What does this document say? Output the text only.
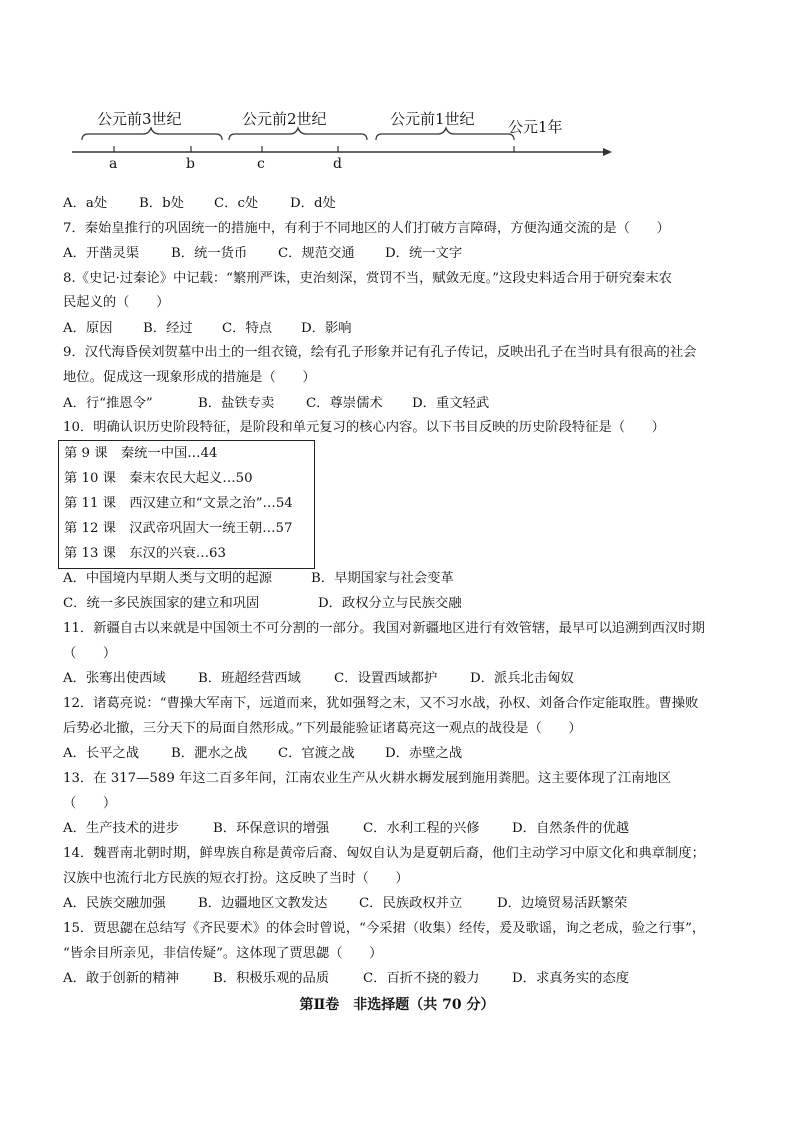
公元前3世纪	公元前2世纪	公元前1世纪 公元1年
a	b	c	d
A．a处 B．b处 C．c处 D．d处
7．秦始皇推行的巩固统一的措施中，有利于不同地区的人们打破方言障碍，方便沟通交流的是（　　）
A．开凿灵渠 B．统一货币 C．规范交通 D．统一文字
8.《史记·过秦论》中记载：“繁刑严诛，吏治刻深，赏罚不当，赋敛无度。”这段史料适合用于研究秦末农
民起义的（　　）
A．原因 B．经过 C．特点 D．影响
9．汉代海昏侯刘贺墓中出土的一组衣镜，绘有孔子形象并记有孔子传记，反映出孔子在当时具有很高的社会
地位。促成这一现象形成的措施是（　　）
A．行“推恩令”	B．盐铁专卖 C．尊崇儒术 D．重文轻武
10．明确认识历史阶段特征，是阶段和单元复习的核心内容。以下书目反映的历史阶段特征是（　　）
第 9 课　秦统一中国…44
第 10 课　秦末农民大起义…50
第 11 课　西汉建立和“文景之治”…54
第 12 课　汉武帝巩固大一统王朝…57
第 13 课　东汉的兴衰…63
A．中国境内早期人类与文明的起源	B．早期国家与社会变革
C．统一多民族国家的建立和巩固	D．政权分立与民族交融
11．新疆自古以来就是中国领土不可分割的一部分。我国对新疆地区进行有效管辖，最早可以追溯到西汉时期
（　　）
A．张骞出使西域 B．班超经营西域 C．设置西域都护 D．派兵北击匈奴
12．诸葛亮说：“曹操大军南下，远道而来，犹如强弩之末，又不习水战，孙权、刘备合作定能取胜。曹操败
后势必北撤，三分天下的局面自然形成。”下列最能验证诸葛亮这一观点的战役是（　　）
A．长平之战 B．淝水之战 C．官渡之战 D．赤壁之战
13．在 317—589 年这二百多年间，江南农业生产从火耕水耨发展到施用粪肥。这主要体现了江南地区
（　　）
A．生产技术的进步	B．环保意识的增强	C．水利工程的兴修 D．自然条件的优越
14．魏晋南北朝时期，鲜卑族自称是黄帝后裔、匈奴自认为是夏朝后裔，他们主动学习中原文化和典章制度；
汉族中也流行北方民族的短衣打扮。这反映了当时（　　）
A．民族交融加强 B．边疆地区文教发达 C．民族政权并立	D．边境贸易活跃繁荣
15．贾思勰在总结写《齐民要术》的体会时曾说，“今采捃（收集）经传，爰及歌谣，询之老成，验之行事”，
“皆余目所亲见，非信传疑”。这体现了贾思勰（　　）
A．敢于创新的精神	B．积极乐观的品质	C．百折不挠的毅力 D．求真务实的态度
第Ⅱ卷　非选择题（共 70 分）
